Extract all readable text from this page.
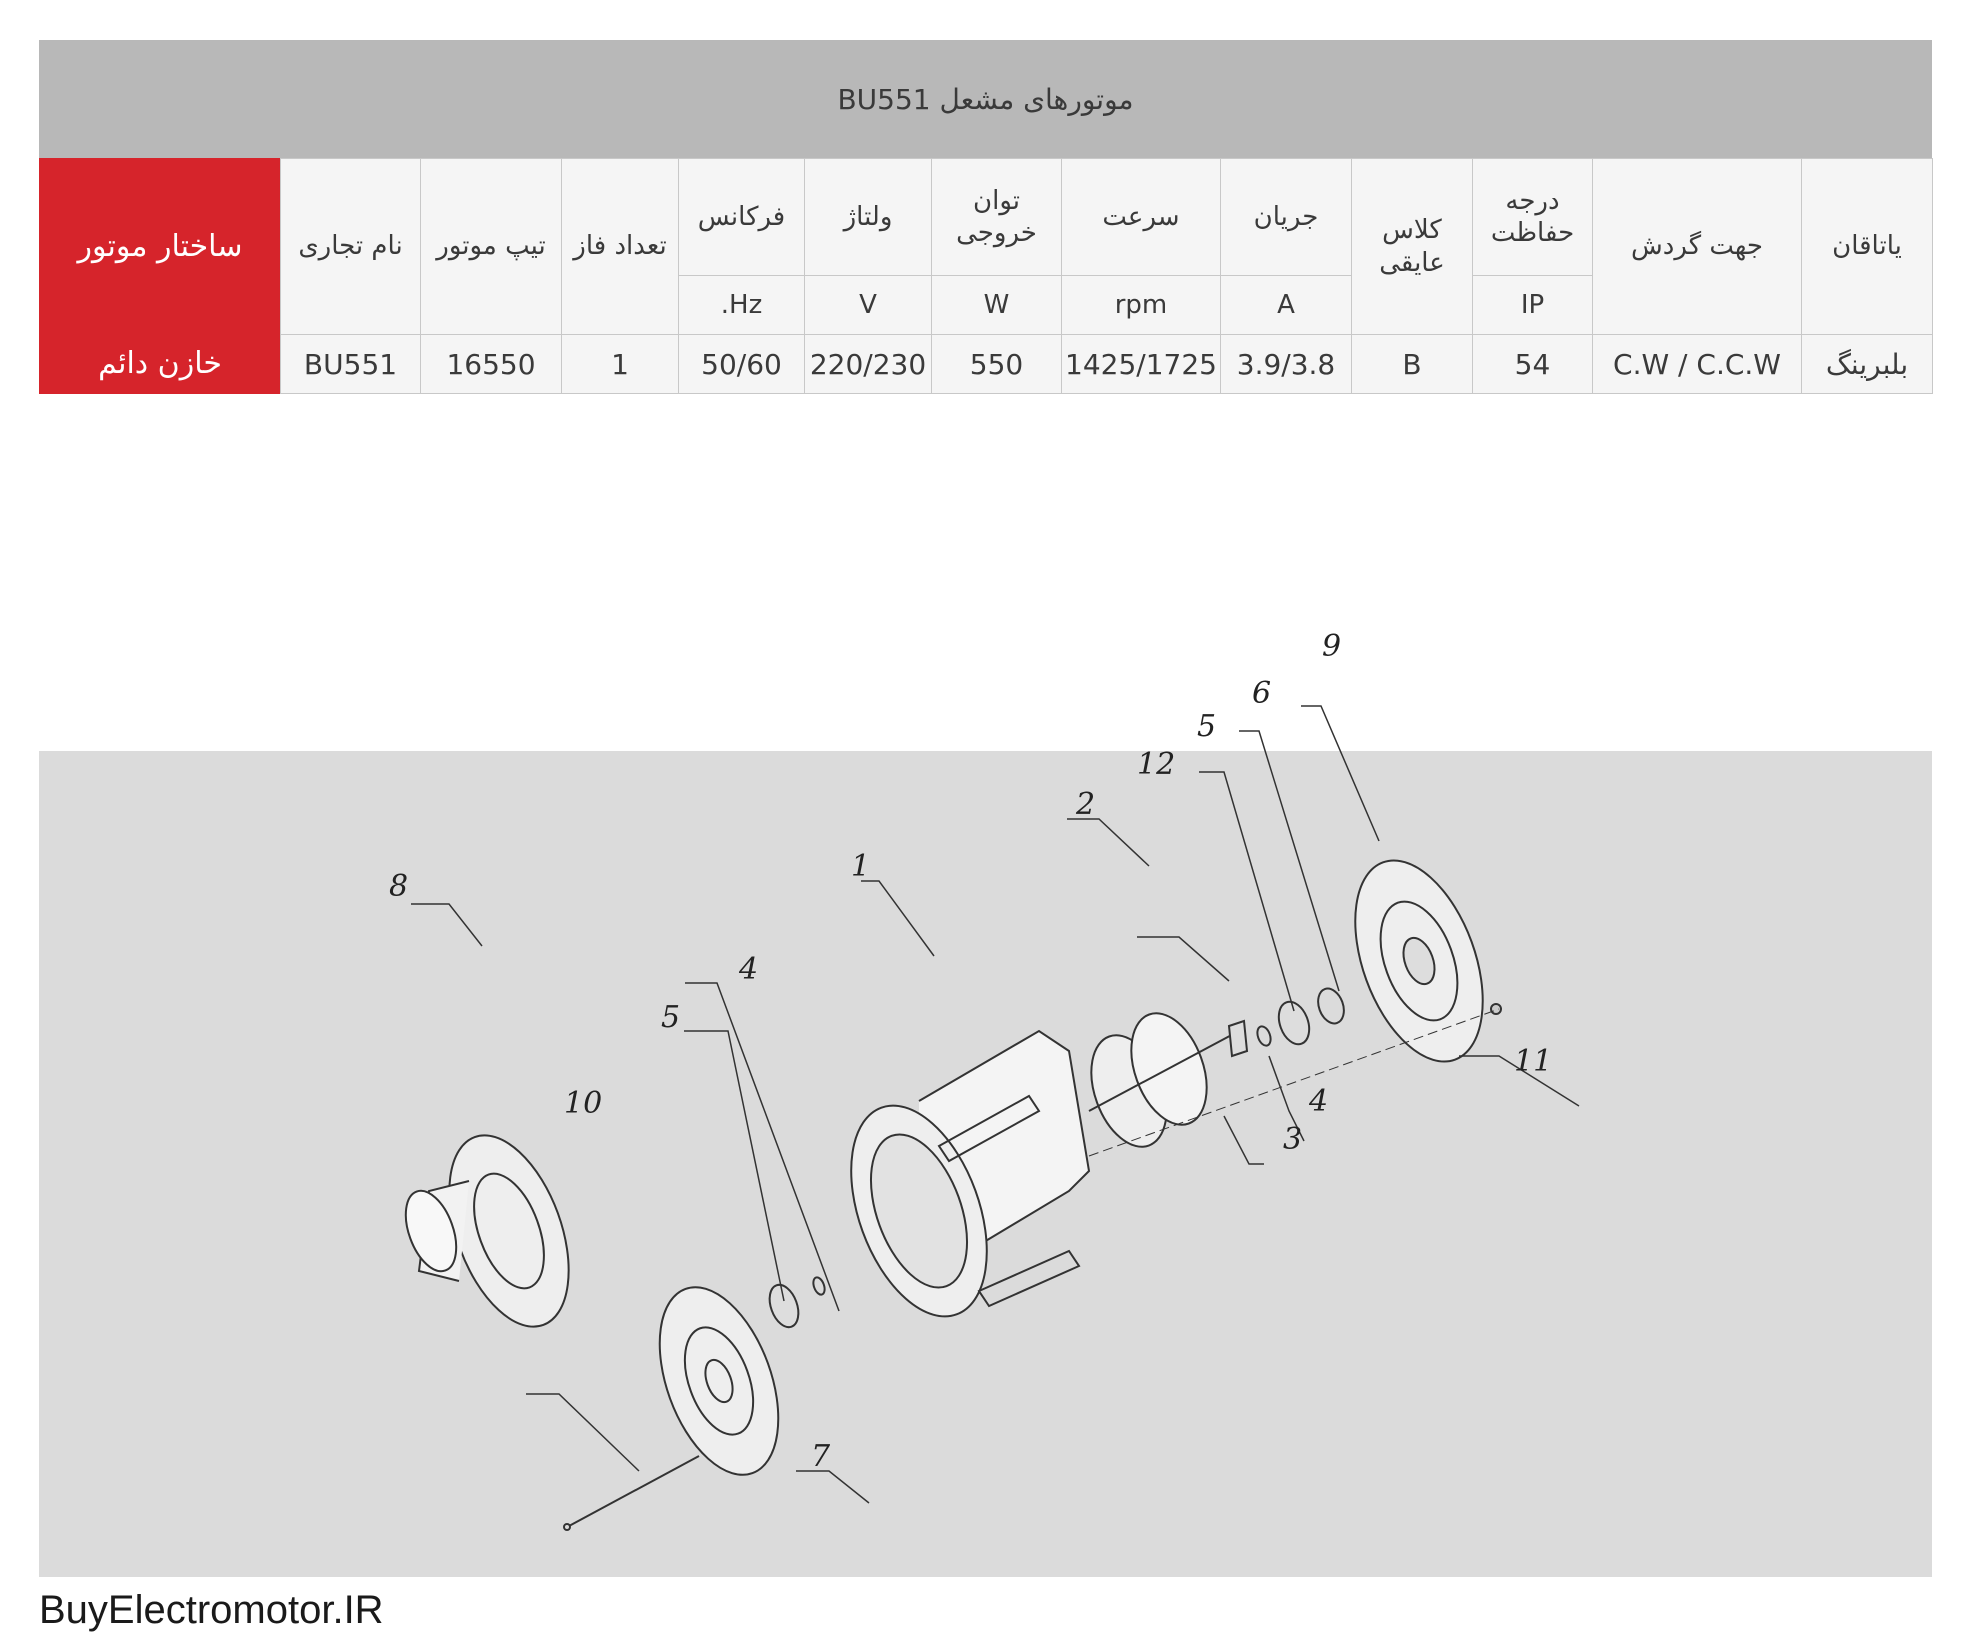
موتورهای مشعل BU551
یاتاقان	جهت گردش	درجه حفاظت	کلاس عایقی	جریان	سرعت	توان خروجی	ولتاژ	فرکانس	تعداد فاز	تیپ موتور	نام تجاری	ساختار موتور
		IP		A	rpm	W	V	Hz.				
بلبرینگ	C.W / C.C.W	54	B	3.9/3.8	1425/1725	550	220/230	50/60	1	16550	BU551	خازن دائم
8
10
5
4
7
1
2
12
5
6
9
11
3
4
BuyElectromotor.IR
